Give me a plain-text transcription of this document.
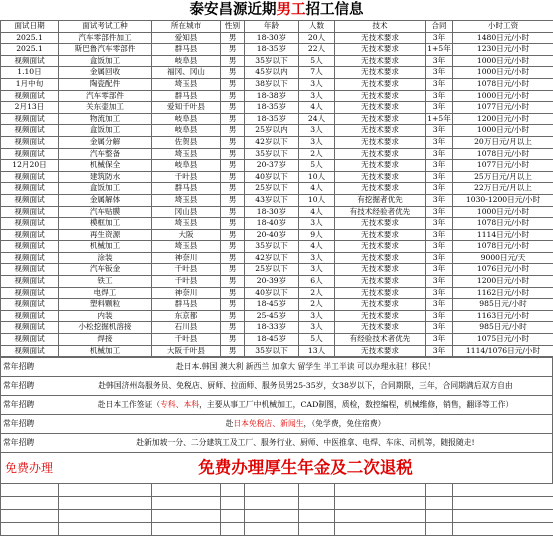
泰安昌源近期男工招工信息
面试日期	面试考试工种	所在城市	性别	年龄	人数	技术	合同	小时工资
2025.1	汽车零部件加工	爱知县	男	18-30岁	20人	无技术要求	3年	1480日元/小时
2025.1	斯巴鲁汽车零部件	群马县	男	18-35岁	22人	无技术要求	1+5年	1230日元/小时
视频面试	盒饭加工	岐阜县	男	35岁以下	5人	无技术要求	3年	1000日元/小时
1.10日	金属回收	福冈、冈山	男	45岁以内	7人	无技术要求	3年	1000日元/小时
1月中旬	陶瓷配件	埼玉县	男	38岁以下	3人	无技术要求	3年	1078日元/小时
视频面试	汽车零部件	群马县	男	18-38岁	3人	无技术要求	3年	1000日元/小时
2月13日	关东壶加工	爱知千叶县	男	18-35岁	4人	无技术要求	3年	1077日元/小时
视频面试	物流加工	岐阜县	男	18-35岁	24人	无技术要求	1+5年	1200日元/小时
视频面试	盒饭加工	岐阜县	男	25岁以内	3人	无技术要求	3年	1000日元/小时
视频面试	金属分解	佐贺县	男	42岁以下	3人	无技术要求	3年	20万日元/月以上
视频面试	汽车整备	埼玉县	男	35岁以下	2人	无技术要求	3年	1078日元/小时
12月20日	机械保全	岐阜县	男	20-37岁	5人	无技术要求	3年	1077日元/小时
视频面试	建筑防水	千叶县	男	40岁以下	10人	无技术要求	3年	25万日元/月以上
视频面试	盒饭加工	群马县	男	25岁以下	4人	无技术要求	3年	22万日元/月以上
视频面试	金属解体	埼玉县	男	43岁以下	10人	有挖掘者优先	3年	1030-1200日元/小时
视频面试	汽车贴膜	冈山县	男	18-30岁	4人	有技术经验者优先	3年	1000日元/小时
视频面试	模框加工	埼玉县	男	18-40岁	3人	无技术要求	3年	1078日元/小时
视频面试	再生资源	大阪	男	20-40岁	9人	无技术要求	3年	1114日元/小时
视频面试	机械加工	埼玉县	男	35岁以下	4人	无技术要求	3年	1078日元/小时
视频面试	涂装	神奈川	男	42岁以下	3人	无技术要求	3年	9000日元/天
视频面试	汽车钣金	千叶县	男	25岁以下	3人	无技术要求	3年	1076日元/小时
视频面试	铁工	千叶县	男	20-39岁	6人	无技术要求	3年	1200日元/小时
视频面试	电焊工	神奈川	男	40岁以下	2人	无技术要求	3年	1162日元/小时
视频面试	塑料颗粒	群马县	男	18-45岁	2人	无技术要求	3年	985日元/小时
视频面试	内装	东京都	男	25-45岁	3人	无技术要求	3年	1163日元/小时
视频面试	小松挖掘机溶接	石川县	男	18-33岁	3人	无技术要求	3年	985日元/小时
视频面试	焊接	千叶县	男	18-45岁	5人	有经验技术者优先	3年	1075日元/小时
视频面试	机械加工	大阪千叶县	男	35岁以下	13人	无技术要求	3年	1114/1076日元/小时
常年招聘	赴日本.韩国 澳大利 新西兰 加拿大 留学生 半工半读 可以办理永驻！移民！
常年招聘	赴韩国济州岛服务员、免税店、厨师、拉面师、服务员男25-35岁，女38岁以下，合同期限，三年，合同期满后双方自由
常年招聘	赴日本工作签证（专科、本科，主要从事工厂中机械加工，CAD制图，质检，数控编程，机械维修，销售，翻译等工作）
常年招聘	赴日本免税店、新闻生，（免学费，免住宿费）
常年招聘	赴新加坡一分、二分建筑工及工厂、服务行业、厨师、中医推拿、电焊、车床、司机等，随报随走!
免费办理	免费办理厚生年金及二次退税
